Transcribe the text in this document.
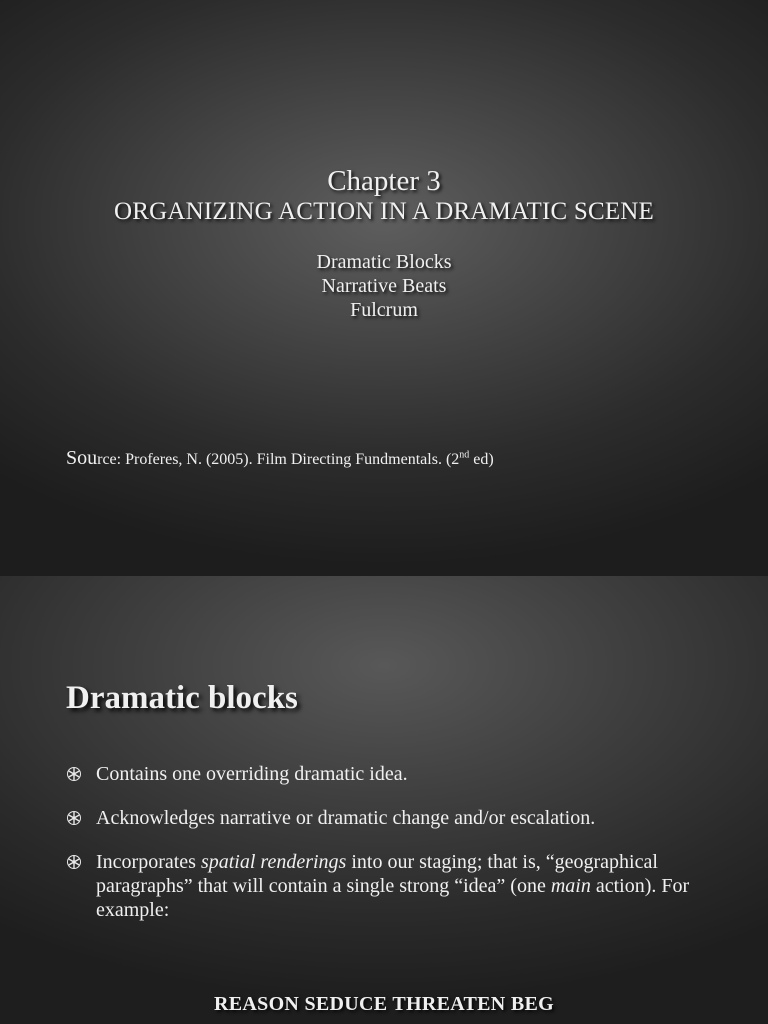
Chapter 3
ORGANIZING ACTION IN A DRAMATIC SCENE
Dramatic Blocks
Narrative Beats
Fulcrum
Source: Proferes, N. (2005). Film Directing Fundmentals. (2nd ed)
Dramatic blocks
Contains one overriding dramatic idea.
Acknowledges narrative or dramatic change and/or escalation.
Incorporates spatial renderings into our staging; that is, “geographical paragraphs” that will contain a single strong “idea” (one main action). For example:
REASON SEDUCE THREATEN BEG
